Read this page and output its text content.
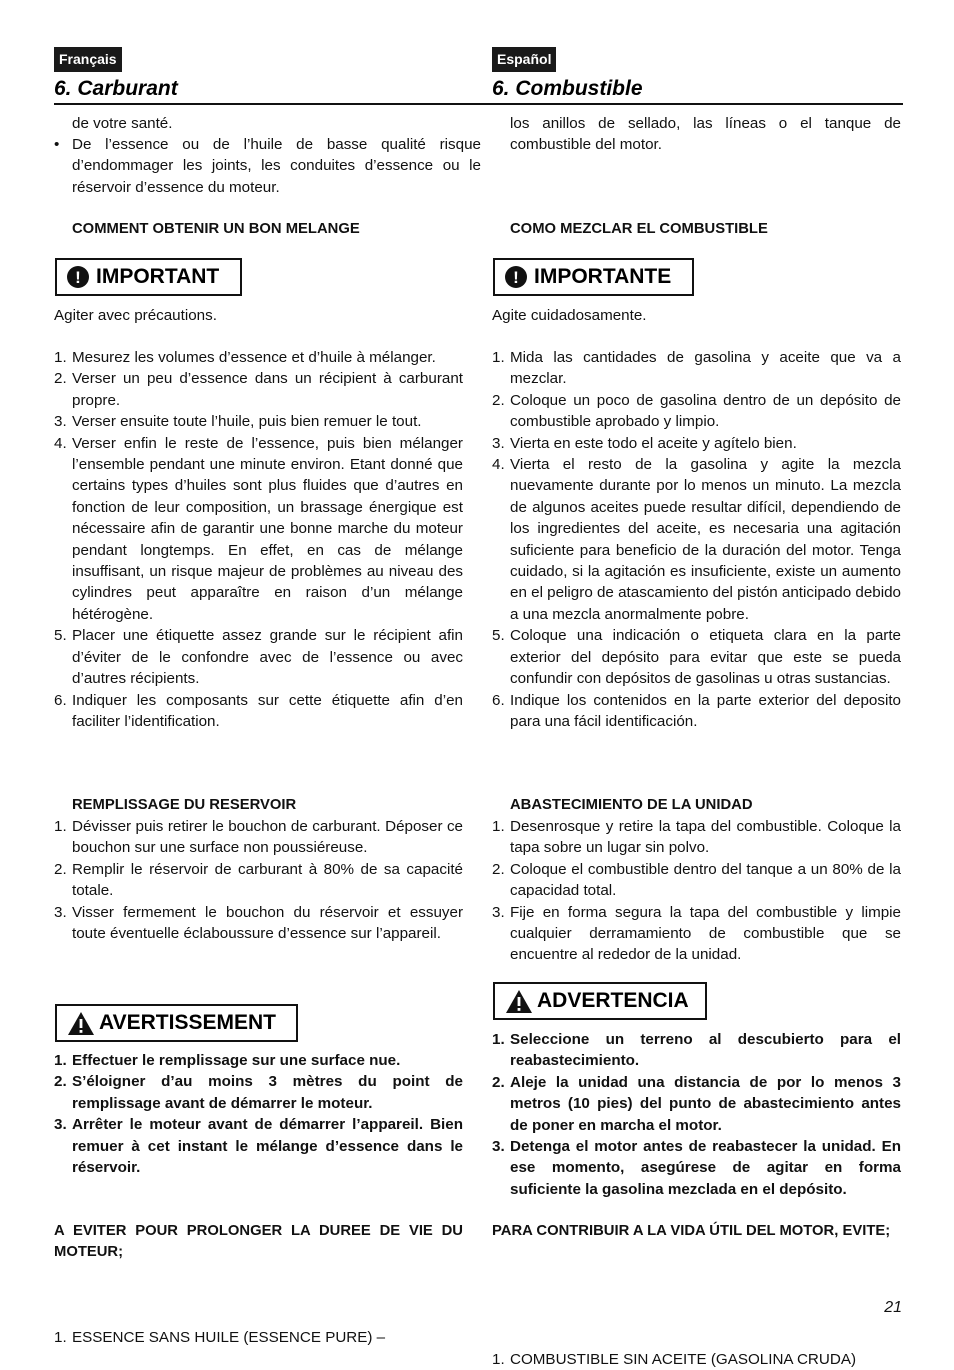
Français	Español
6. Carburant	6. Combustible

de votre santé.

• De l’essence ou de l’huile de basse qualité risque d’endommager les joints, les conduites d’essence ou le réservoir d’essence du moteur.
COMMENT OBTENIR UN BON MELANGE
! IMPORTANT

Agiter avec précautions.

1. Mesurez les volumes d’essence et d’huile à mélanger.
2. Verser un peu d’essence dans un récipient à carburant propre.
3. Verser ensuite toute l’huile, puis bien remuer le tout.
4. Verser enfin le reste de l’essence, puis bien mélanger l’ensemble pendant une minute environ. Etant donné que certains types d’huiles sont plus fluides que d’autres en fonction de leur composition, un brassage énergique est nécessaire afin de garantir une bonne marche du moteur pendant longtemps. En effet, en cas de mélange insuffisant, un risque majeur de problèmes au niveau des cylindres peut apparaître en raison d’un mélange hétérogène.
5. Placer une étiquette assez grande sur le récipient afin d’éviter de le confondre avec de l’essence ou avec d’autres récipients.
6. Indiquer les composants sur cette étiquette afin d’en faciliter l’identification.
REMPLISSAGE DU RESERVOIR
1. Dévisser puis retirer le bouchon de carburant. Déposer ce bouchon sur une surface non poussiéreuse.
2. Remplir le réservoir de carburant à 80% de sa capacité totale.
3. Visser fermement le bouchon du réservoir et essuyer toute éventuelle éclaboussure d’essence sur l’appareil.
AVERTISSEMENT
1. Effectuer le remplissage sur une surface nue.
2. S’éloigner d’au moins 3 mètres du point de remplissage avant de démarrer le moteur.
3. Arrêter le moteur avant de démarrer l’appareil. Bien remuer à cet instant le mélange d’essence dans le réservoir.

A EVITER POUR PROLONGER LA DUREE DE VIE DU MOTEUR;

1. ESSENCE SANS HUILE (ESSENCE PURE) –

los anillos de sellado, las líneas o el tanque de combustible del motor.

COMO MEZCLAR EL COMBUSTIBLE
! IMPORTANTE

Agite cuidadosamente.

1. Mida las cantidades de gasolina y aceite que va a mezclar.
2. Coloque un poco de gasolina dentro de un depósito de combustible aprobado y limpio.
3. Vierta en este todo el aceite y agítelo bien.
4. Vierta el resto de la gasolina y agite la mezcla nuevamente durante por lo menos un minuto. La mezcla de algunos aceites puede resultar difícil, dependiendo de los ingredientes del aceite, es necesaria una agitación suficiente para beneficio de la duración del motor. Tenga cuidado, si la agitación es insuficiente, existe un aumento en el peligro de atascamiento del pistón anticipado debido a una mezcla anormalmente pobre.
5. Coloque una indicación o etiqueta clara en la parte exterior del depósito para evitar que este se pueda confundir con depósitos de gasolinas u otras sustancias.
6. Indique los contenidos en la parte exterior del deposito para una fácil identificación.
ABASTECIMIENTO DE LA UNIDAD
1. Desenrosque y retire la tapa del combustible. Coloque la tapa sobre un lugar sin polvo.
2. Coloque el combustible dentro del tanque a un 80% de la capacidad total.
3. Fije en forma segura la tapa del combustible y limpie cualquier derramamiento de combustible que se encuentre al rededor de la unidad.
ADVERTENCIA
1. Seleccione un terreno al descubierto para el reabastecimiento.
2. Aleje la unidad una distancia de por lo menos 3 metros (10 pies) del punto de abastecimiento antes de poner en marcha el motor.
3. Detenga el motor antes de reabastecer la unidad. En ese momento, asegúrese de agitar en forma suficiente la gasolina mezclada en el depósito.

PARA CONTRIBUIR A LA VIDA ÚTIL DEL MOTOR, EVITE;

1. COMBUSTIBLE SIN ACEITE (GASOLINA CRUDA)
21
